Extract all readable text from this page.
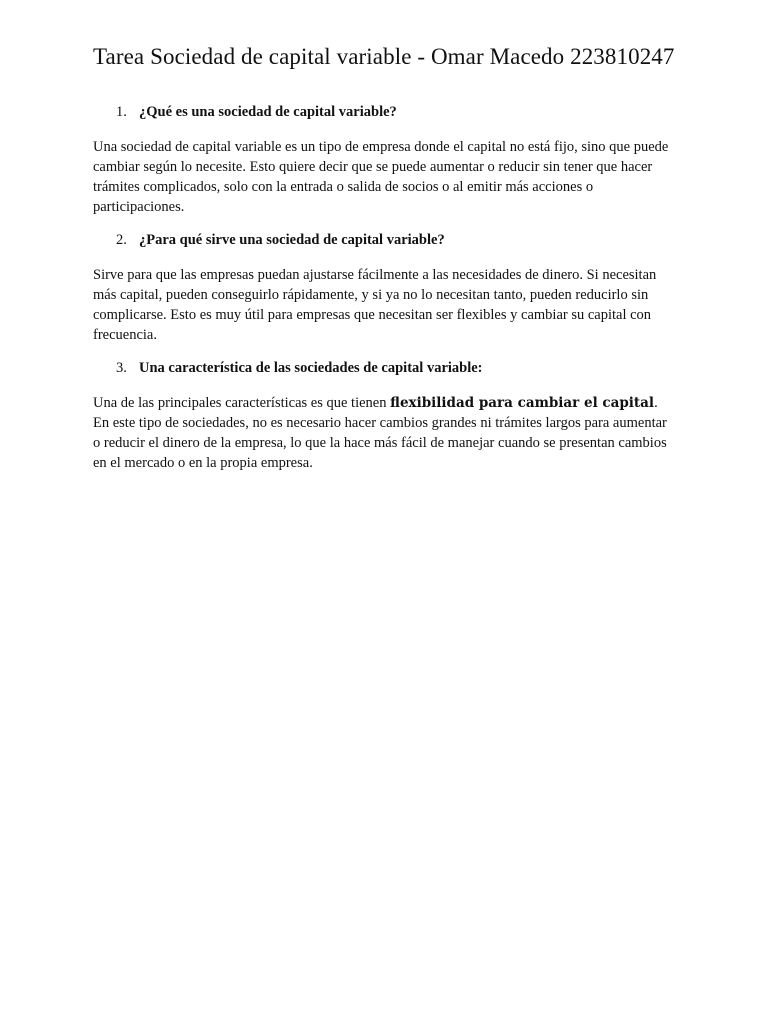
Tarea Sociedad de capital variable - Omar Macedo 223810247
1. ¿Qué es una sociedad de capital variable?

Una sociedad de capital variable es un tipo de empresa donde el capital no está fijo, sino que puede cambiar según lo necesite. Esto quiere decir que se puede aumentar o reducir sin tener que hacer trámites complicados, solo con la entrada o salida de socios o al emitir más acciones o participaciones.

2. ¿Para qué sirve una sociedad de capital variable?

Sirve para que las empresas puedan ajustarse fácilmente a las necesidades de dinero. Si necesitan más capital, pueden conseguirlo rápidamente, y si ya no lo necesitan tanto, pueden reducirlo sin complicarse. Esto es muy útil para empresas que necesitan ser flexibles y cambiar su capital con frecuencia.

3. Una característica de las sociedades de capital variable:

Una de las principales características es que tienen flexibilidad para cambiar el capital. En este tipo de sociedades, no es necesario hacer cambios grandes ni trámites largos para aumentar o reducir el dinero de la empresa, lo que la hace más fácil de manejar cuando se presentan cambios en el mercado o en la propia empresa.
